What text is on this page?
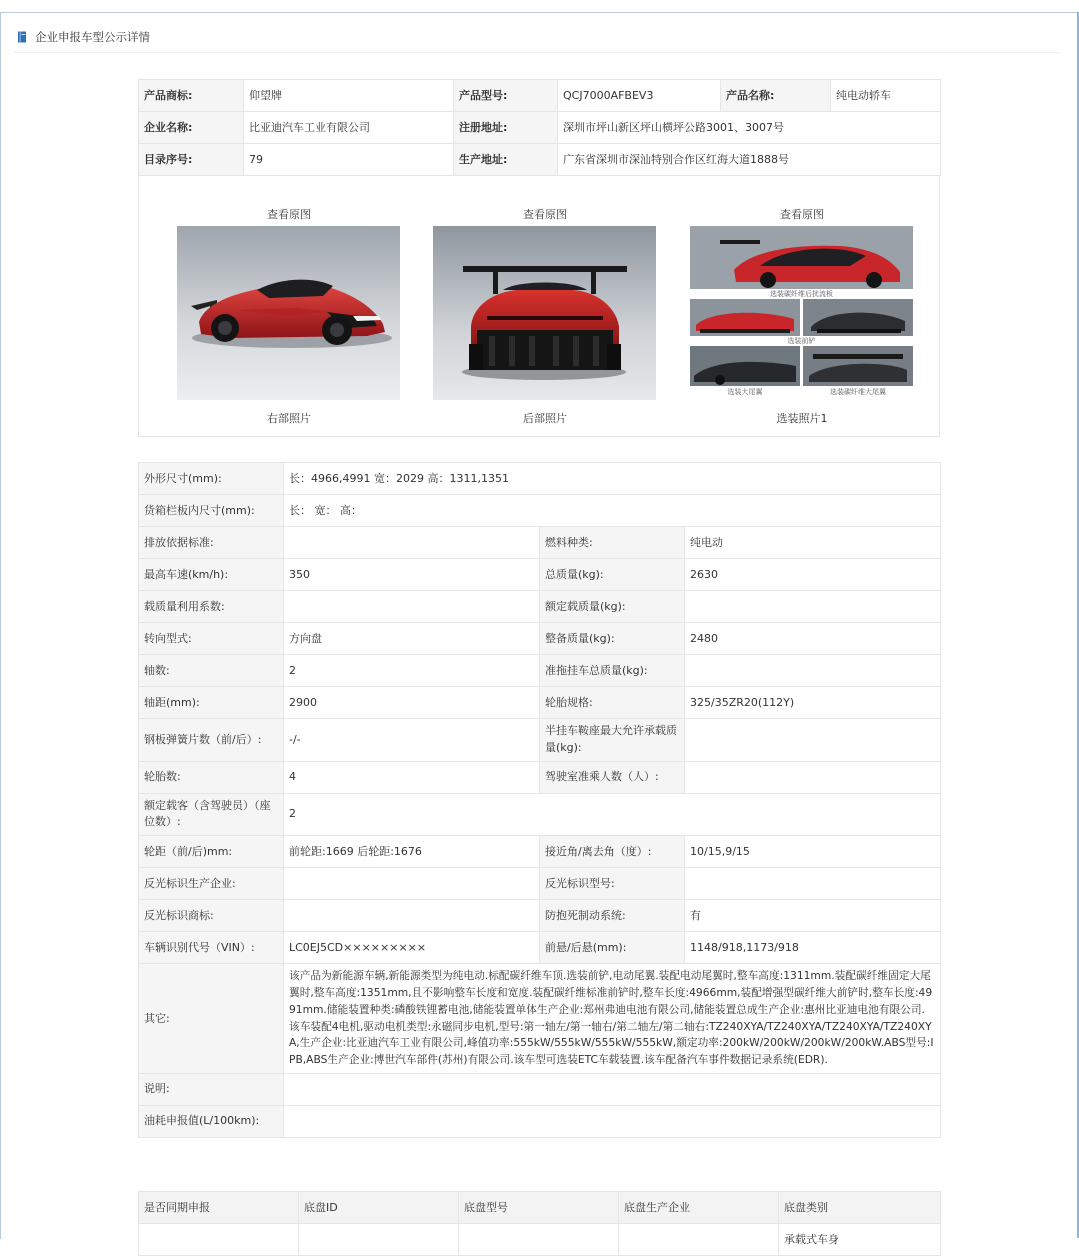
企业申报车型公示详情
产品商标:	仰望牌	产品型号:	QCJ7000AFBEV3	产品名称:	纯电动轿车
企业名称:	比亚迪汽车工业有限公司	注册地址:	深圳市坪山新区坪山横坪公路3001、3007号		
目录序号:	79	生产地址:	广东省深圳市深汕特别合作区红海大道1888号		
查看原图
右部照片
查看原图
后部照片
查看原图
选装碳纤维后扰流板
选装前铲
选装大尾翼	选装碳纤维大尾翼
选装照片1
外形尺寸(mm):	长：4966,4991 宽：2029 高：1311,1351		
货箱栏板内尺寸(mm):	长： 宽： 高：		
排放依据标准:		燃料种类:	纯电动
最高车速(km/h):	350	总质量(kg):	2630
载质量利用系数:		额定载质量(kg):	
转向型式:	方向盘	整备质量(kg):	2480
轴数:	2	准拖挂车总质量(kg):	
轴距(mm):	2900	轮胎规格:	325/35ZR20(112Y)
钢板弹簧片数（前/后）:	-/-	半挂车鞍座最大允许承载质量(kg):	
轮胎数:	4	驾驶室准乘人数（人）:	
额定载客（含驾驶员）（座位数）:	2		
轮距（前/后)mm:	前轮距:1669 后轮距:1676	接近角/离去角（度）:	10/15,9/15
反光标识生产企业:		反光标识型号:	
反光标识商标:		防抱死制动系统:	有
车辆识别代号（VIN）:	LC0EJ5CD×××××××××	前悬/后悬(mm):	1148/918,1173/918
其它:	该产品为新能源车辆,新能源类型为纯电动.标配碳纤维车顶.选装前铲,电动尾翼.装配电动尾翼时,整车高度:1311mm.装配碳纤维固定大尾翼时,整车高度:1351mm,且不影响整车长度和宽度.装配碳纤维标准前铲时,整车长度:4966mm,装配增强型碳纤维大前铲时,整车长度:4991mm.储能装置种类:磷酸铁锂蓄电池,储能装置单体生产企业:郑州弗迪电池有限公司,储能装置总成生产企业:惠州比亚迪电池有限公司.该车装配4电机,驱动电机类型:永磁同步电机,型号:第一轴左/第一轴右/第二轴左/第二轴右:TZ240XYA/TZ240XYA/TZ240XYA/TZ240XYA,生产企业:比亚迪汽车工业有限公司,峰值功率:555kW/555kW/555kW/555kW,额定功率:200kW/200kW/200kW/200kW.ABS型号:IPB,ABS生产企业:博世汽车部件(苏州)有限公司.该车型可选装ETC车载装置.该车配备汽车事件数据记录系统(EDR).		
说明:			
油耗申报值(L/100km):			
是否同期申报	底盘ID	底盘型号	底盘生产企业	底盘类别
				承载式车身
